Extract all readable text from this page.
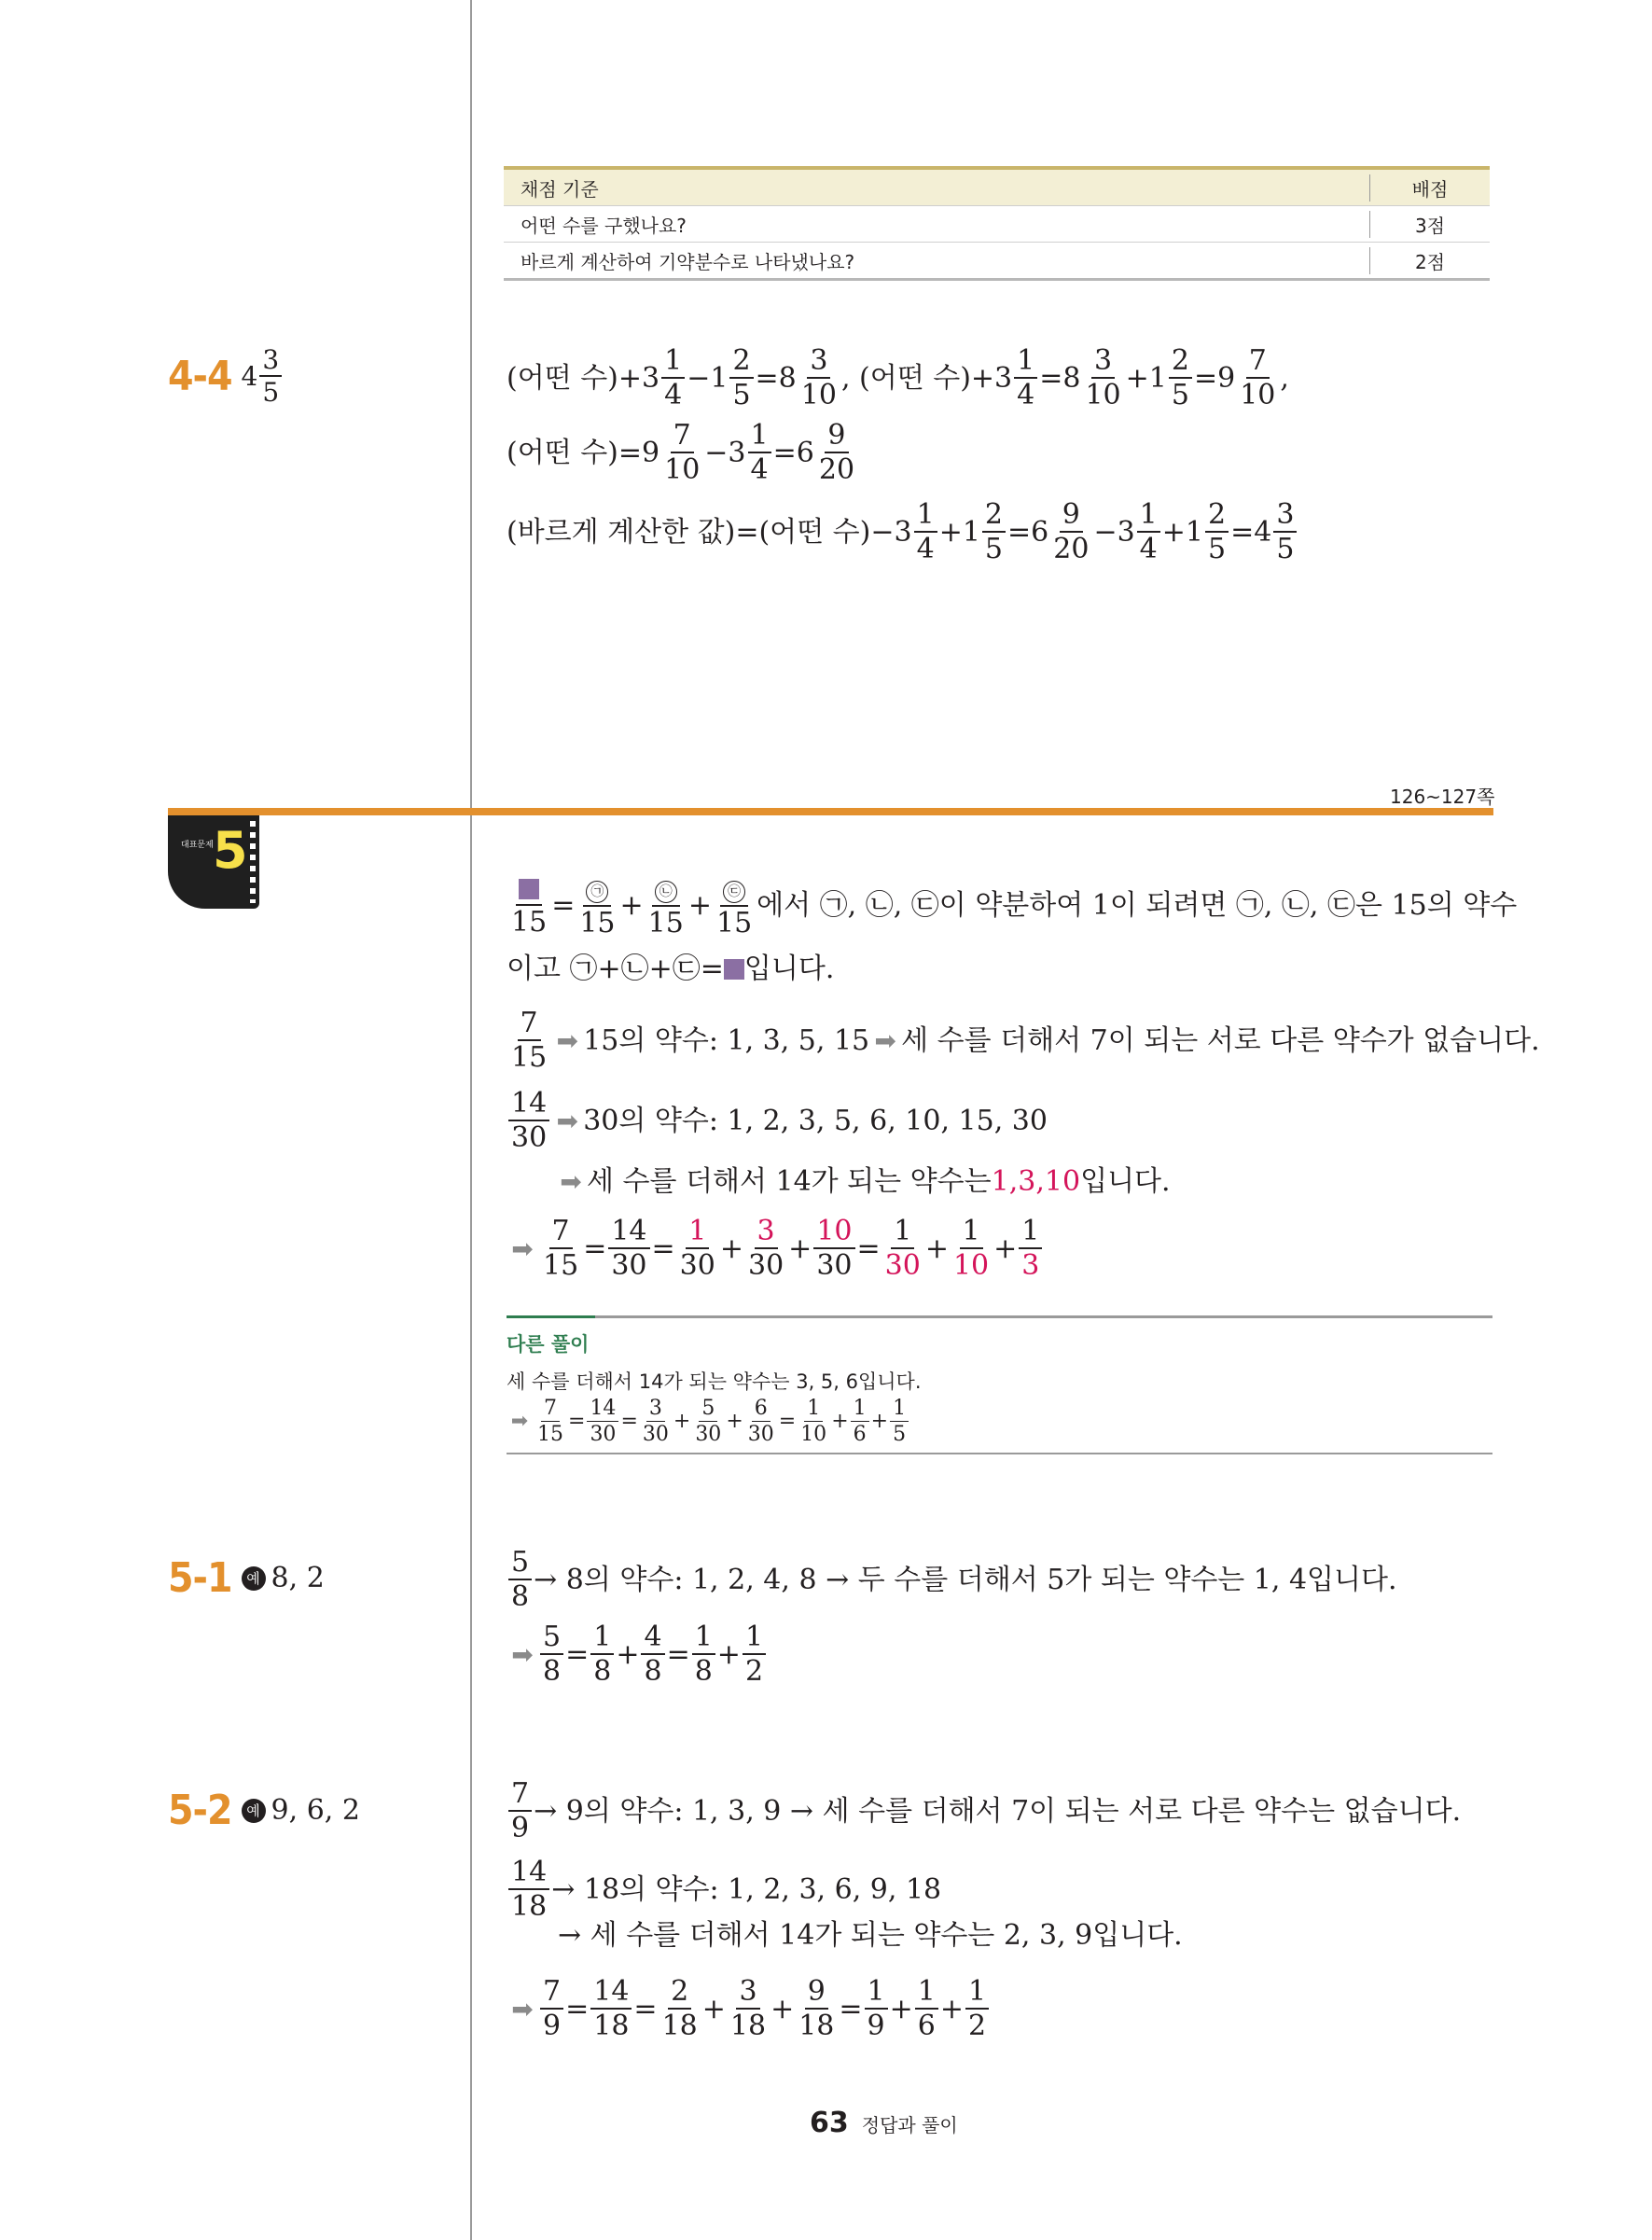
채점 기준	배점
어떤 수를 구했나요?	3점
바르게 계산하여 기약분수로 나타냈나요?	2점
4-4 $4 \frac{3}{5}$	(어떤 수)$+3 \frac{1}{4} -1 \frac{2}{5} =8 \frac{3}{10}$ , (어떤 수)$+3 \frac{1}{4} =8 \frac{3}{10} +1 \frac{2}{5} =9 \frac{7}{10}$ ,
(어떤 수)$=9 \frac{7}{10} -3 \frac{1}{4} =6 \frac{9}{20}$
(바르게 계산한 값)=(어떤 수)$-3 \frac{1}{4} +1 \frac{2}{5} =6 \frac{9}{20} -3 \frac{1}{4} +1 \frac{2}{5} =4 \frac{3}{5}$
126~127쪽
대표문제 5
15
= $\frac{㉠}{15} + \frac{㉡}{15} + \frac{㉢}{15}$ 에서 ㉠, ㉡, ㉢이 약분하여 1이 되려면 ㉠, ㉡, ㉢은 15의 약수
이고 ㉠+㉡+㉢= 입니다.
$\frac{7}{15}$ ➡ 15의 약수: 1, 3, 5, 15 ➡ 세 수를 더해서 7이 되는 서로 다른 약수가 없습니다.
$\frac{14}{30}$ ➡ 30의 약수: 1, 2, 3, 5, 6, 10, 15, 30
➡ 세 수를 더해서 14가 되는 약수는 1 , 3 , 10 입니다.
➡ $\frac{7}{15} = \frac{14}{30} = \frac{1}{30} + \frac{3}{30} + \frac{10}{30} = \frac{1}{30} + \frac{1}{10} + \frac{1}{3}$
다른 풀이
세 수를 더해서 14가 되는 약수는 3, 5, 6입니다.
➡ $\frac{7}{15} = \frac{14}{30} = \frac{3}{30} + \frac{5}{30} + \frac{6}{30} = \frac{1}{10} + \frac{1}{6} + \frac{1}{5}$
5-1	예 8, 2	$\frac{5}{8} \to 8$의 약수: 1, 2, 4, 8 → 두 수를 더해서 5가 되는 약수는 1, 4입니다.
➡ $\frac{5}{8} = \frac{1}{8} + \frac{4}{8} = \frac{1}{8} + \frac{1}{2}$
5-2	예 9, 6, 2	$\frac{7}{9} \to 9$의 약수: 1, 3, 9 → 세 수를 더해서 7이 되는 서로 다른 약수는 없습니다.
$\frac{14}{18} \to 18$의 약수: 1, 2, 3, 6, 9, 18
→ 세 수를 더해서 14가 되는 약수는 2, 3, 9입니다.
➡ $\frac{7}{9} = \frac{14}{18} = \frac{2}{18} + \frac{3}{18} + \frac{9}{18} = \frac{1}{9} + \frac{1}{6} + \frac{1}{2}$
63 정답과 풀이
